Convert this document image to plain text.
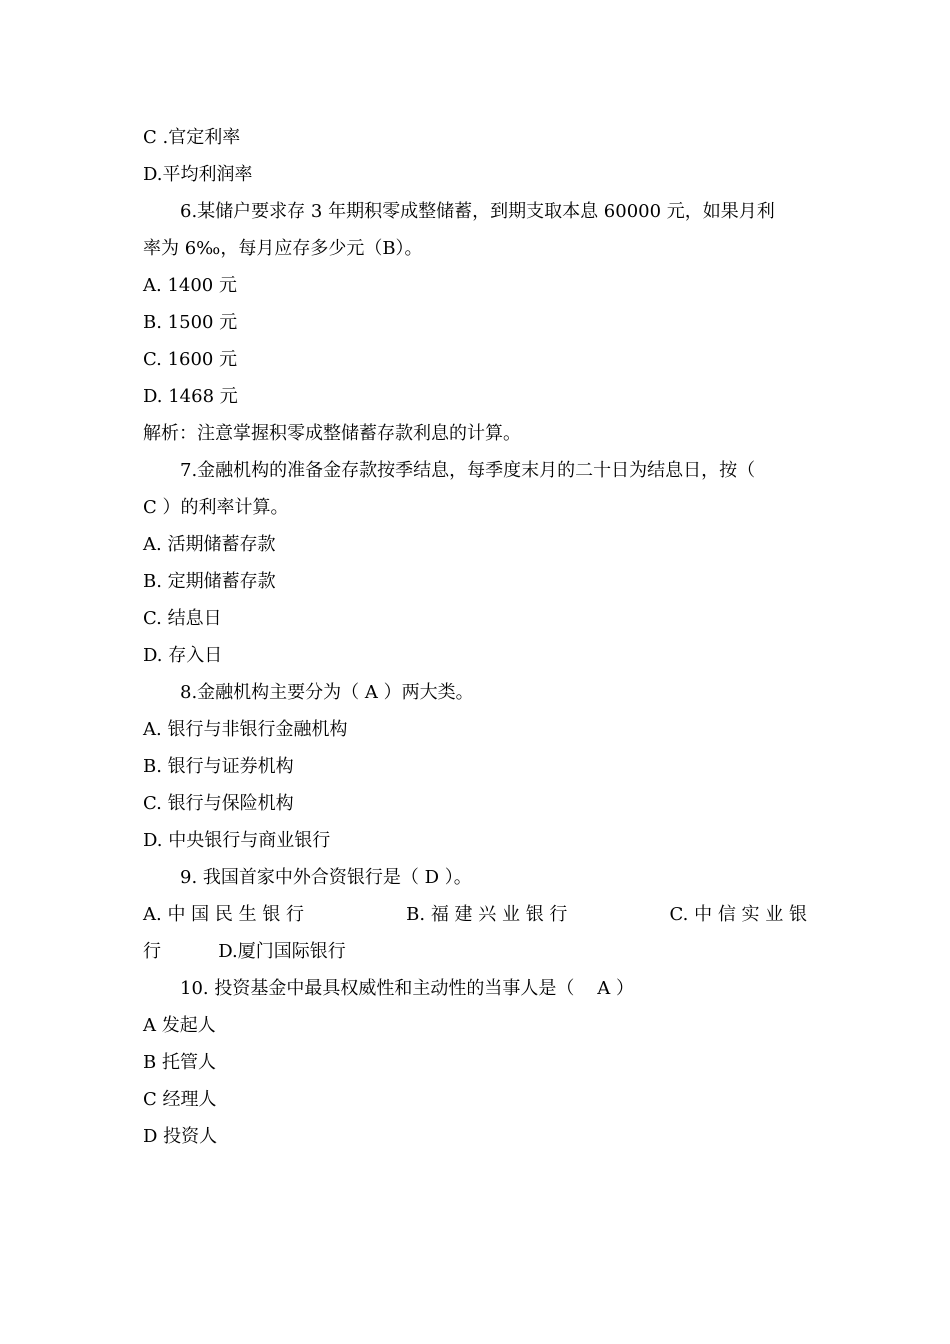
C .官定利率
D.平均利润率
6.某储户要求存 3 年期积零成整储蓄，到期支取本息 60000 元，如果月利
率为 6‰，每月应存多少元（B）。
A. 1400 元
B. 1500 元
C. 1600 元
D. 1468 元
解析：注意掌握积零成整储蓄存款利息的计算。
7.金融机构的准备金存款按季结息，每季度末月的二十日为结息日，按（
C ）的利率计算。
A. 活期储蓄存款
B. 定期储蓄存款
C. 结息日
D. 存入日
8.金融机构主要分为（ A ）两大类。
A. 银行与非银行金融机构
B. 银行与证券机构
C. 银行与保险机构
D. 中央银行与商业银行
9. 我国首家中外合资银行是（ D ）。
A. 中 国 民 生 银 行	B. 福 建 兴 业 银 行	C. 中 信 实 业 银
行          D.厦门国际银行
10. 投资基金中最具权威性和主动性的当事人是（    A ）
A 发起人
B 托管人
C 经理人
D 投资人
